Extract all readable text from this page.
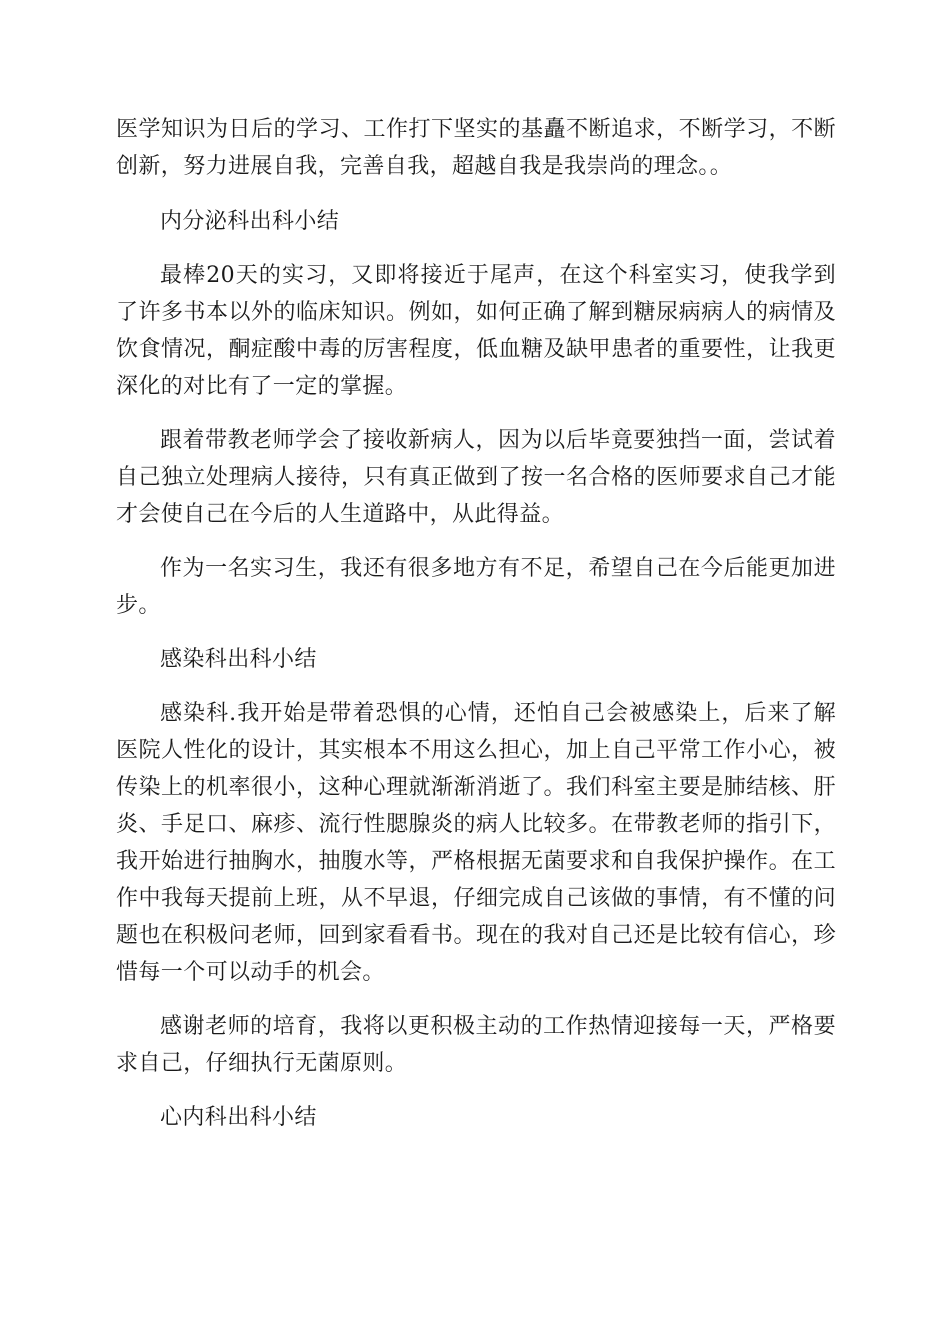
医学知识为日后的学习、工作打下坚实的基矗不断追求，不断学习，不断创新，努力进展自我，完善自我，超越自我是我崇尚的理念。。

内分泌科出科小结

最棒20天的实习，又即将接近于尾声，在这个科室实习，使我学到了许多书本以外的临床知识。例如，如何正确了解到糖尿病病人的病情及饮食情况，酮症酸中毒的厉害程度，低血糖及缺甲患者的重要性，让我更深化的对比有了一定的掌握。

跟着带教老师学会了接收新病人，因为以后毕竟要独挡一面，尝试着自己独立处理病人接待，只有真正做到了按一名合格的医师要求自己才能才会使自己在今后的人生道路中，从此得益。

作为一名实习生，我还有很多地方有不足，希望自己在今后能更加进步。

感染科出科小结

感染科.我开始是带着恐惧的心情，还怕自己会被感染上，后来了解医院人性化的设计，其实根本不用这么担心，加上自己平常工作小心，被传染上的机率很小，这种心理就渐渐消逝了。我们科室主要是肺结核、肝炎、手足口、麻疹、流行性腮腺炎的病人比较多。在带教老师的指引下，我开始进行抽胸水，抽腹水等，严格根据无菌要求和自我保护操作。在工作中我每天提前上班，从不早退，仔细完成自己该做的事情，有不懂的问题也在积极问老师，回到家看看书。现在的我对自己还是比较有信心，珍惜每一个可以动手的机会。

感谢老师的培育，我将以更积极主动的工作热情迎接每一天，严格要求自己，仔细执行无菌原则。

心内科出科小结
